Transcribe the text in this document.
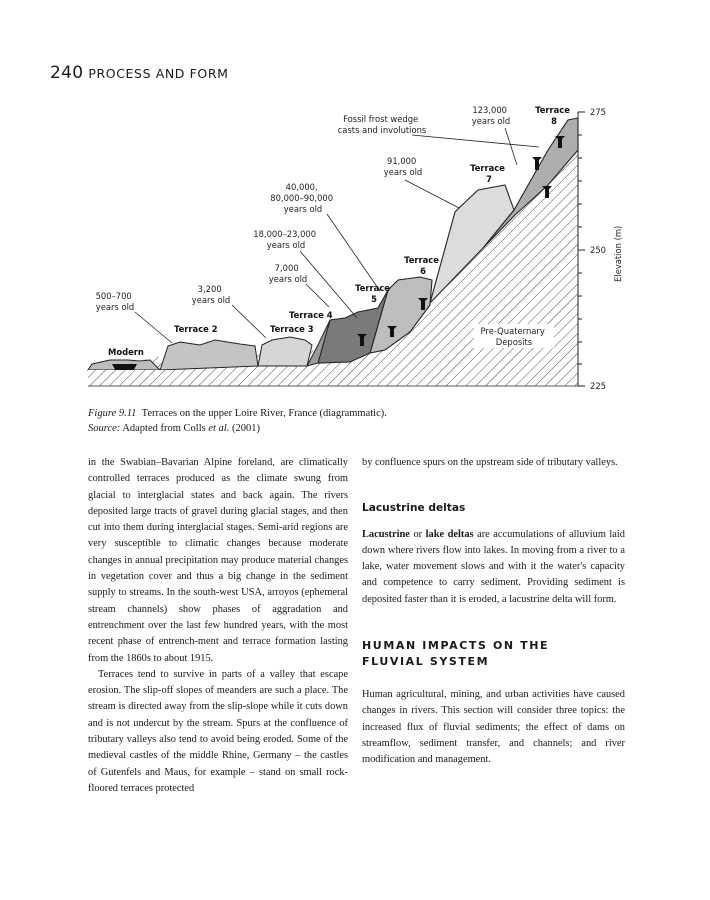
240 PROCESS AND FORM
275
250
225
Elevation (m)
Fossil frost wedge casts and involutions
123,000 years old
Terrace 8
91,000 years old	Terrace 7
40,000, 80,000–90,000 years old
18,000–23,000 years old
7,000 years old
Terrace 6
3,200 years old
Terrace 5
500–700 years old
Terrace 4
Terrace 2	Terrace 3
Modern
Pre-Quaternary Deposits
Figure 9.11 Terraces on the upper Loire River, France (diagrammatic).
Source: Adapted from Colls et al. (2001)

in the Swabian–Bavarian Alpine foreland, are climatically controlled terraces produced as the climate swung from glacial to interglacial states and back again. The rivers deposited large tracts of gravel during glacial stages, and then cut into them during interglacial stages. Semi-arid regions are very susceptible to climatic changes because moderate changes in annual precipitation may produce material changes in vegetation cover and thus a big change in the sediment supply to streams. In the south-west USA, arroyos (ephemeral stream channels) show phases of aggradation and entrenchment over the last few hundred years, with the most recent phase of entrench-ment and terrace formation lasting from the 1860s to about 1915.

Terraces tend to survive in parts of a valley that escape erosion. The slip-off slopes of meanders are such a place. The stream is directed away from the slip-slope while it cuts down and is not undercut by the stream. Spurs at the confluence of tributary valleys also tend to avoid being eroded. Some of the medieval castles of the middle Rhine, Germany – the castles of Gutenfels and Maus, for example – stand on small rock-floored terraces protected

by confluence spurs on the upstream side of tributary valleys.

Lacustrine deltas

Lacustrine or lake deltas are accumulations of alluvium laid down where rivers flow into lakes. In moving from a river to a lake, water movement slows and with it the water's capacity and competence to carry sediment. Providing sediment is deposited faster than it is eroded, a lacustrine delta will form.

HUMAN IMPACTS ON THE
FLUVIAL SYSTEM

Human agricultural, mining, and urban activities have caused changes in rivers. This section will consider three topics: the increased flux of fluvial sediments; the effect of dams on streamflow, sediment transfer, and channels; and river modification and management.
